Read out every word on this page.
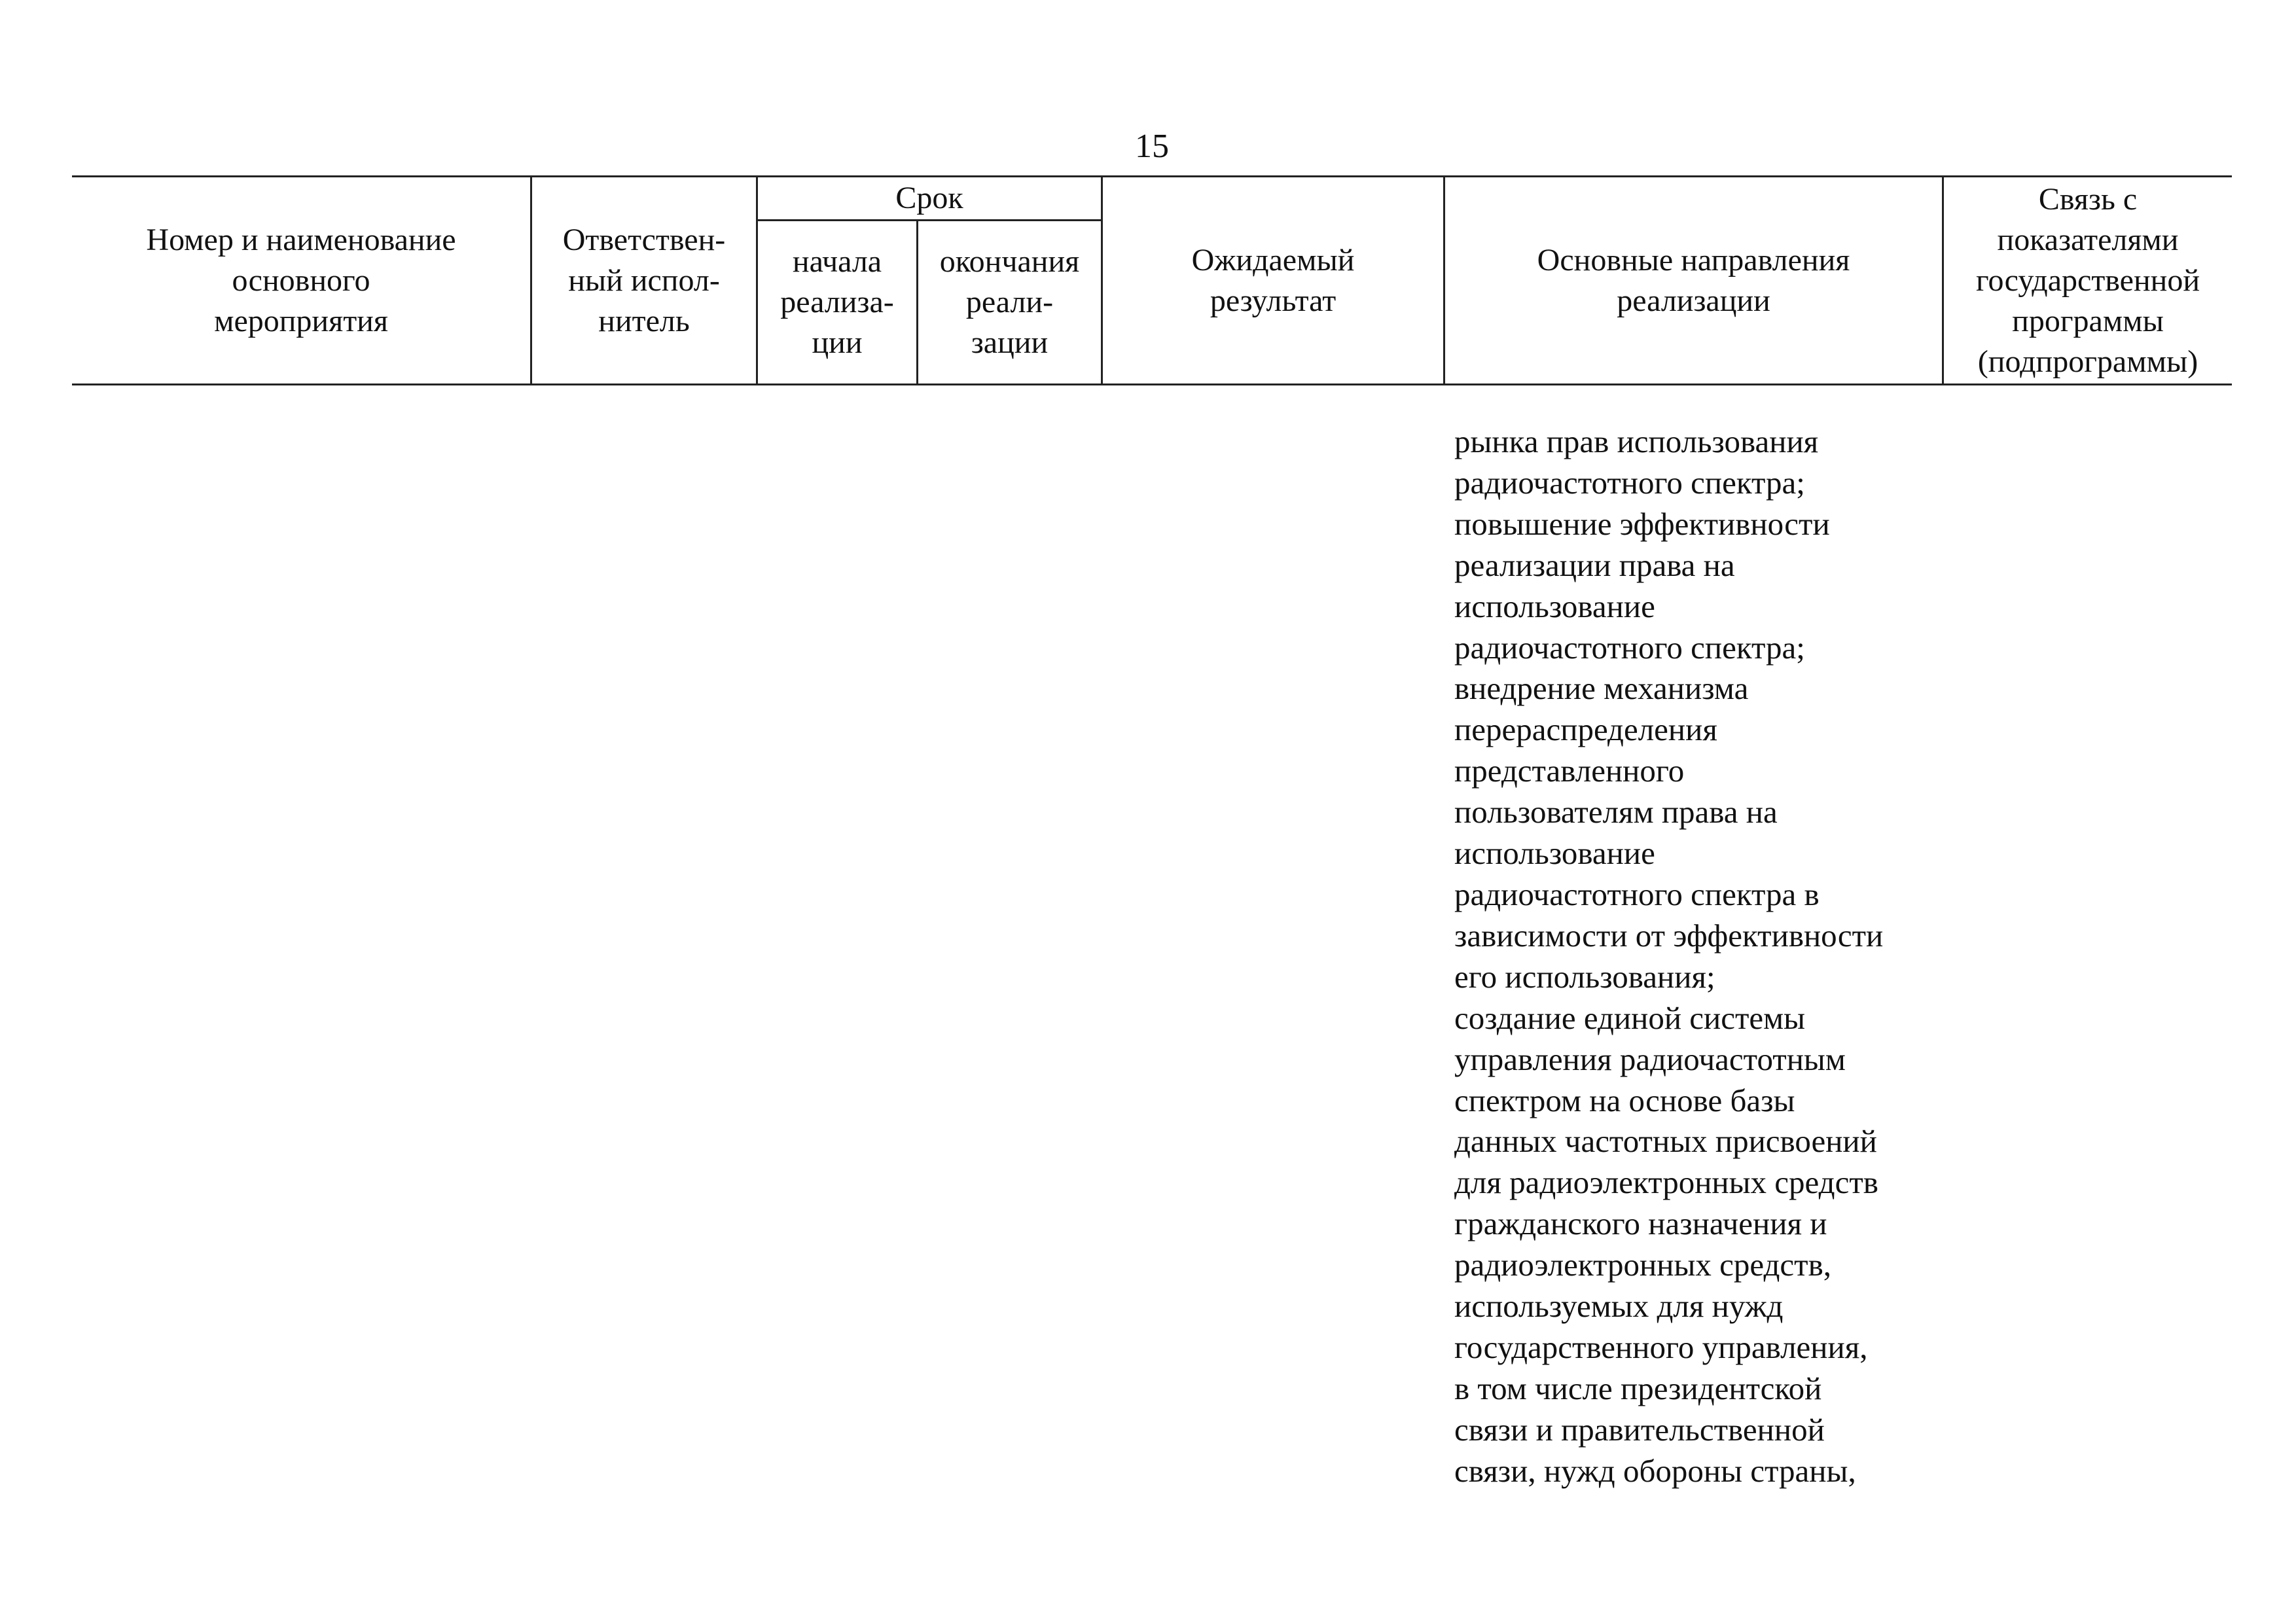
15
Номер и наименование
основного
мероприятия
Ответствен-
ный испол-
нитель
Срок
начала
реализа-
ции
окончания
реали-
зации
Ожидаемый
результат
Основные направления
реализации
Связь с
показателями
государственной
программы
(подпрограммы)
рынка прав использования
радиочастотного спектра;
повышение эффективности
реализации права на
использование
радиочастотного спектра;
внедрение механизма
перераспределения
представленного
пользователям права на
использование
радиочастотного спектра в
зависимости от эффективности
его использования;
создание единой системы
управления радиочастотным
спектром на основе базы
данных частотных присвоений
для радиоэлектронных средств
гражданского назначения и
радиоэлектронных средств,
используемых для нужд
государственного управления,
в том числе президентской
связи и правительственной
связи, нужд обороны страны,
